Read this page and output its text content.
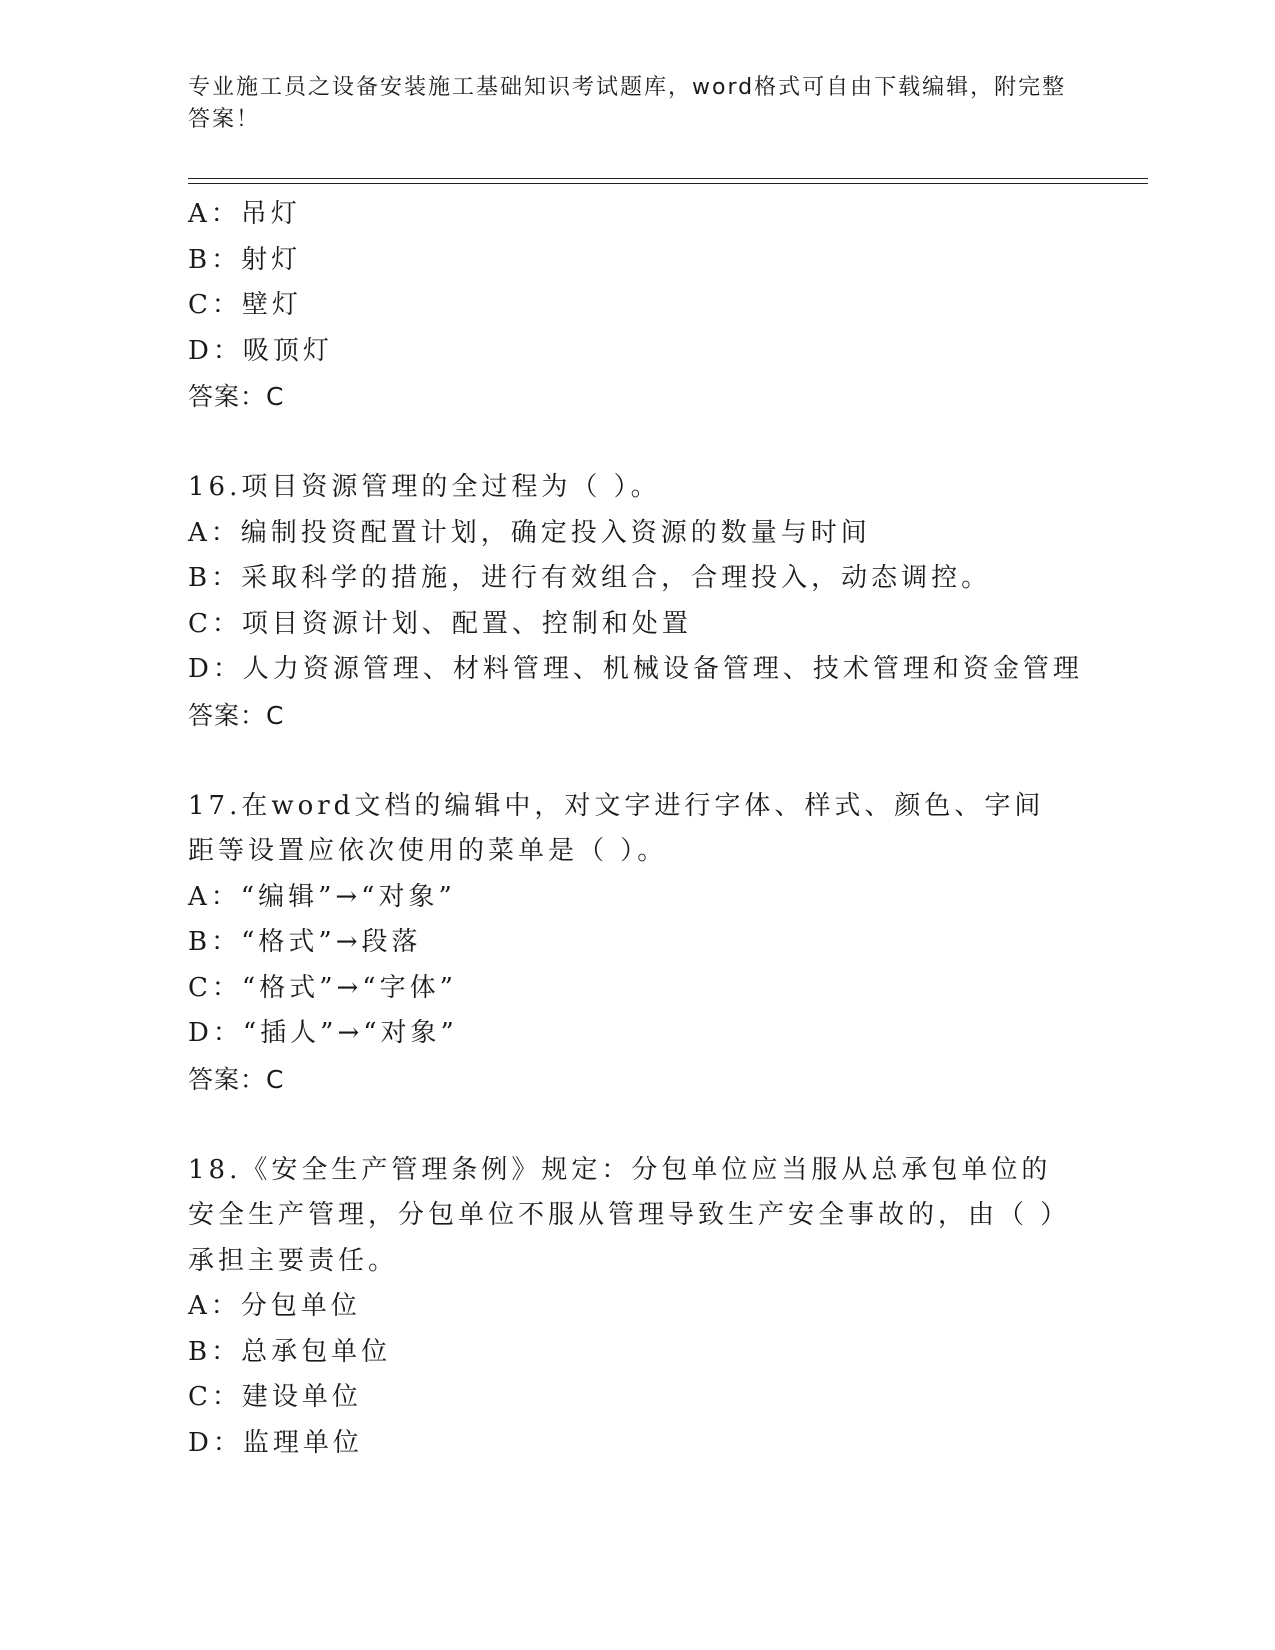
专业施工员之设备安装施工基础知识考试题库，word格式可自由下载编辑，附完整答案！
A：吊灯
B：射灯
C：壁灯
D：吸顶灯
答案：C
16.项目资源管理的全过程为（ ）。
A：编制投资配置计划，确定投入资源的数量与时间
B：采取科学的措施，进行有效组合，合理投入，动态调控。
C：项目资源计划、配置、控制和处置
D：人力资源管理、材料管理、机械设备管理、技术管理和资金管理
答案：C
17.在word文档的编辑中，对文字进行字体、样式、颜色、字间距等设置应依次使用的菜单是（ ）。
A：“编辑”→“对象”
B：“格式”→段落
C：“格式”→“字体”
D：“插人”→“对象”
答案：C
18.《安全生产管理条例》规定：分包单位应当服从总承包单位的安全生产管理，分包单位不服从管理导致生产安全事故的，由（ ）承担主要责任。
A：分包单位
B：总承包单位
C：建设单位
D：监理单位
